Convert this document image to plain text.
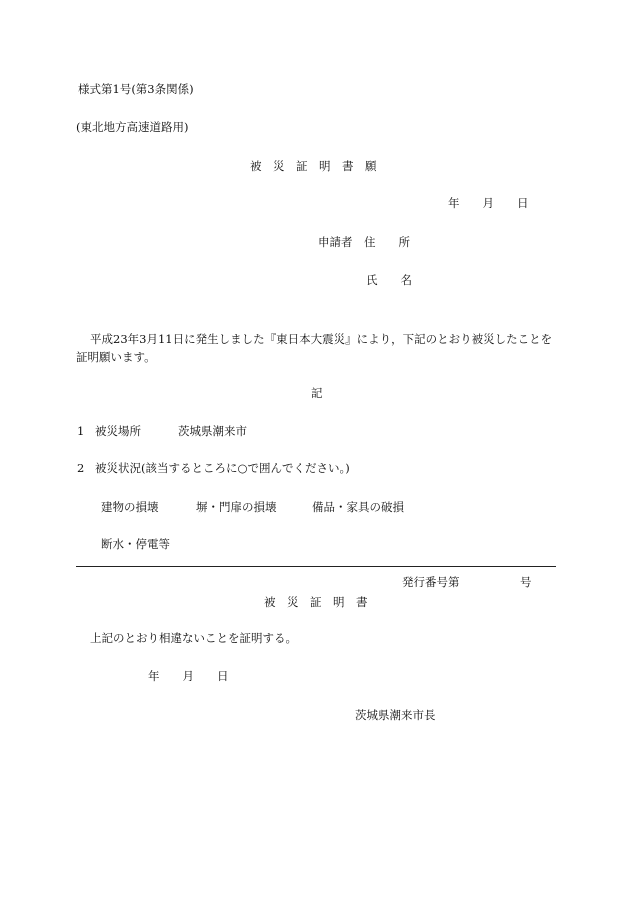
様式第1号(第3条関係)
(東北地方高速道路用)
被　災　証　明　書　願
年　　月　　日
申請者　住　　所
氏　　名
平成23年3月11日に発生しました『東日本大震災』により，下記のとおり被災したことを証明願います。
記
1 被災場所	茨城県潮来市
2 被災状況(該当するところに○で囲んでください。)
建物の損壊	塀・門扉の損壊	備品・家具の破損
断水・停電等
発行番号第	号
被　災　証　明　書
上記のとおり相違ないことを証明する。
年　　月　　日
茨城県潮来市長
